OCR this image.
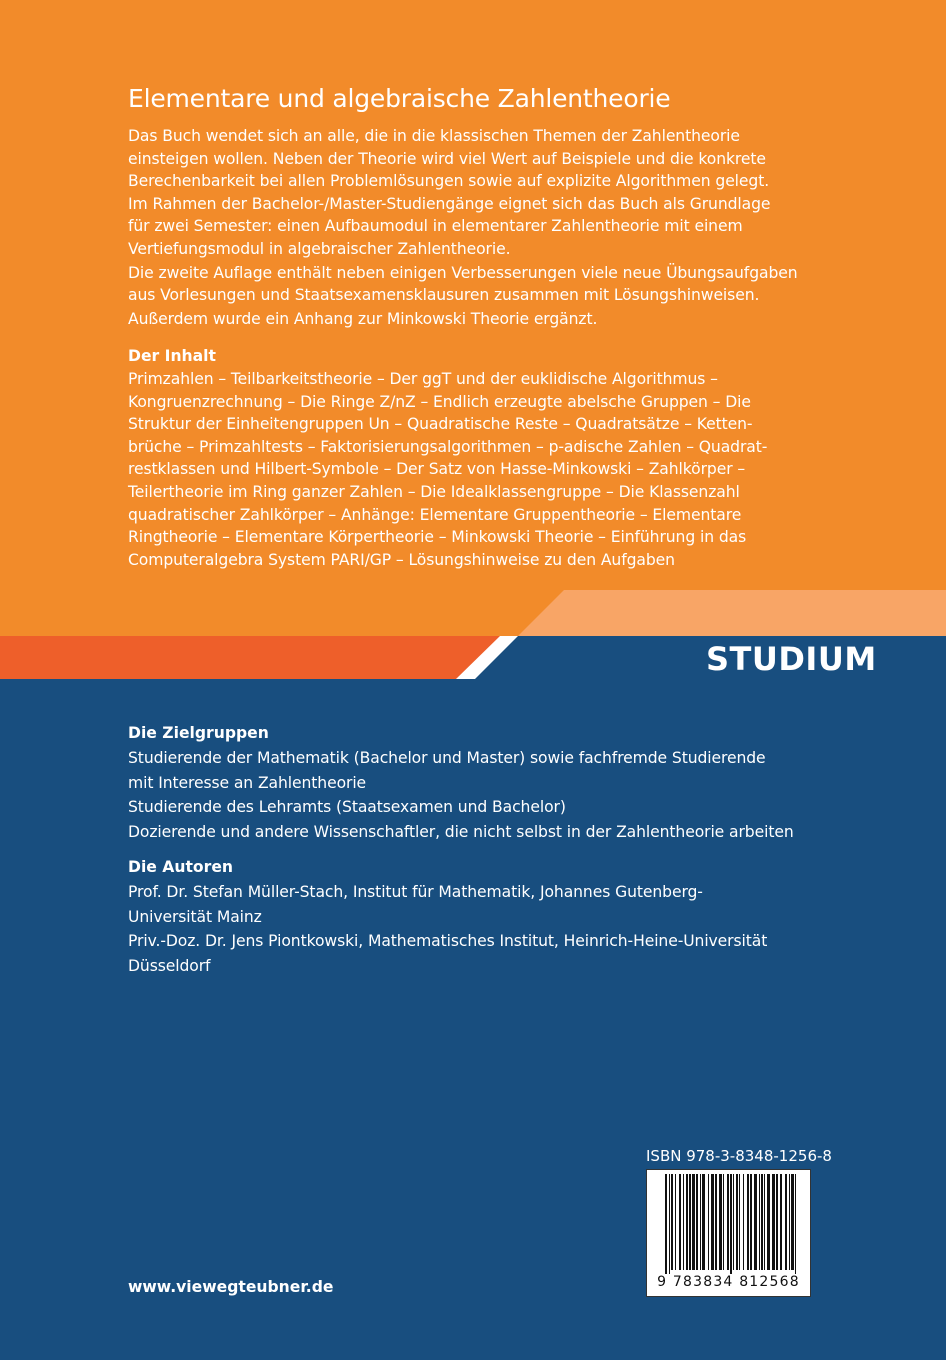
Elementare und algebraische Zahlentheorie
Das Buch wendet sich an alle, die in die klassischen Themen der Zahlentheorie
einsteigen wollen. Neben der Theorie wird viel Wert auf Beispiele und die konkrete
Berechenbarkeit bei allen Problemlösungen sowie auf explizite Algorithmen gelegt.
Im Rahmen der Bachelor-/Master-Studiengänge eignet sich das Buch als Grundlage
für zwei Semester: einen Aufbaumodul in elementarer Zahlentheorie mit einem
Vertiefungsmodul in algebraischer Zahlentheorie.
Die zweite Auflage enthält neben einigen Verbesserungen viele neue Übungsaufgaben
aus Vorlesungen und Staatsexamensklausuren zusammen mit Lösungshinweisen.
Außerdem wurde ein Anhang zur Minkowski Theorie ergänzt.
Der Inhalt
Primzahlen – Teilbarkeitstheorie – Der ggT und der euklidische Algorithmus –
Kongruenzrechnung – Die Ringe Z/nZ – Endlich erzeugte abelsche Gruppen – Die
Struktur der Einheitengruppen Un – Quadratische Reste – Quadratsätze – Ketten-
brüche – Primzahltests – Faktorisierungsalgorithmen – p-adische Zahlen – Quadrat-
restklassen und Hilbert-Symbole – Der Satz von Hasse-Minkowski – Zahlkörper –
Teilertheorie im Ring ganzer Zahlen – Die Idealklassengruppe – Die Klassenzahl
quadratischer Zahlkörper – Anhänge: Elementare Gruppentheorie – Elementare
Ringtheorie – Elementare Körpertheorie – Minkowski Theorie – Einführung in das
Computeralgebra System PARI/GP – Lösungshinweise zu den Aufgaben
STUDIUM
Die Zielgruppen
Studierende der Mathematik (Bachelor und Master) sowie fachfremde Studierende
mit Interesse an Zahlentheorie
Studierende des Lehramts (Staatsexamen und Bachelor)
Dozierende und andere Wissenschaftler, die nicht selbst in der Zahlentheorie arbeiten
Die Autoren
Prof. Dr. Stefan Müller-Stach, Institut für Mathematik, Johannes Gutenberg-
Universität Mainz
Priv.-Doz. Dr. Jens Piontkowski, Mathematisches Institut, Heinrich-Heine-Universität
Düsseldorf
ISBN 978-3-8348-1256-8
9 783834 812568
www.viewegteubner.de
